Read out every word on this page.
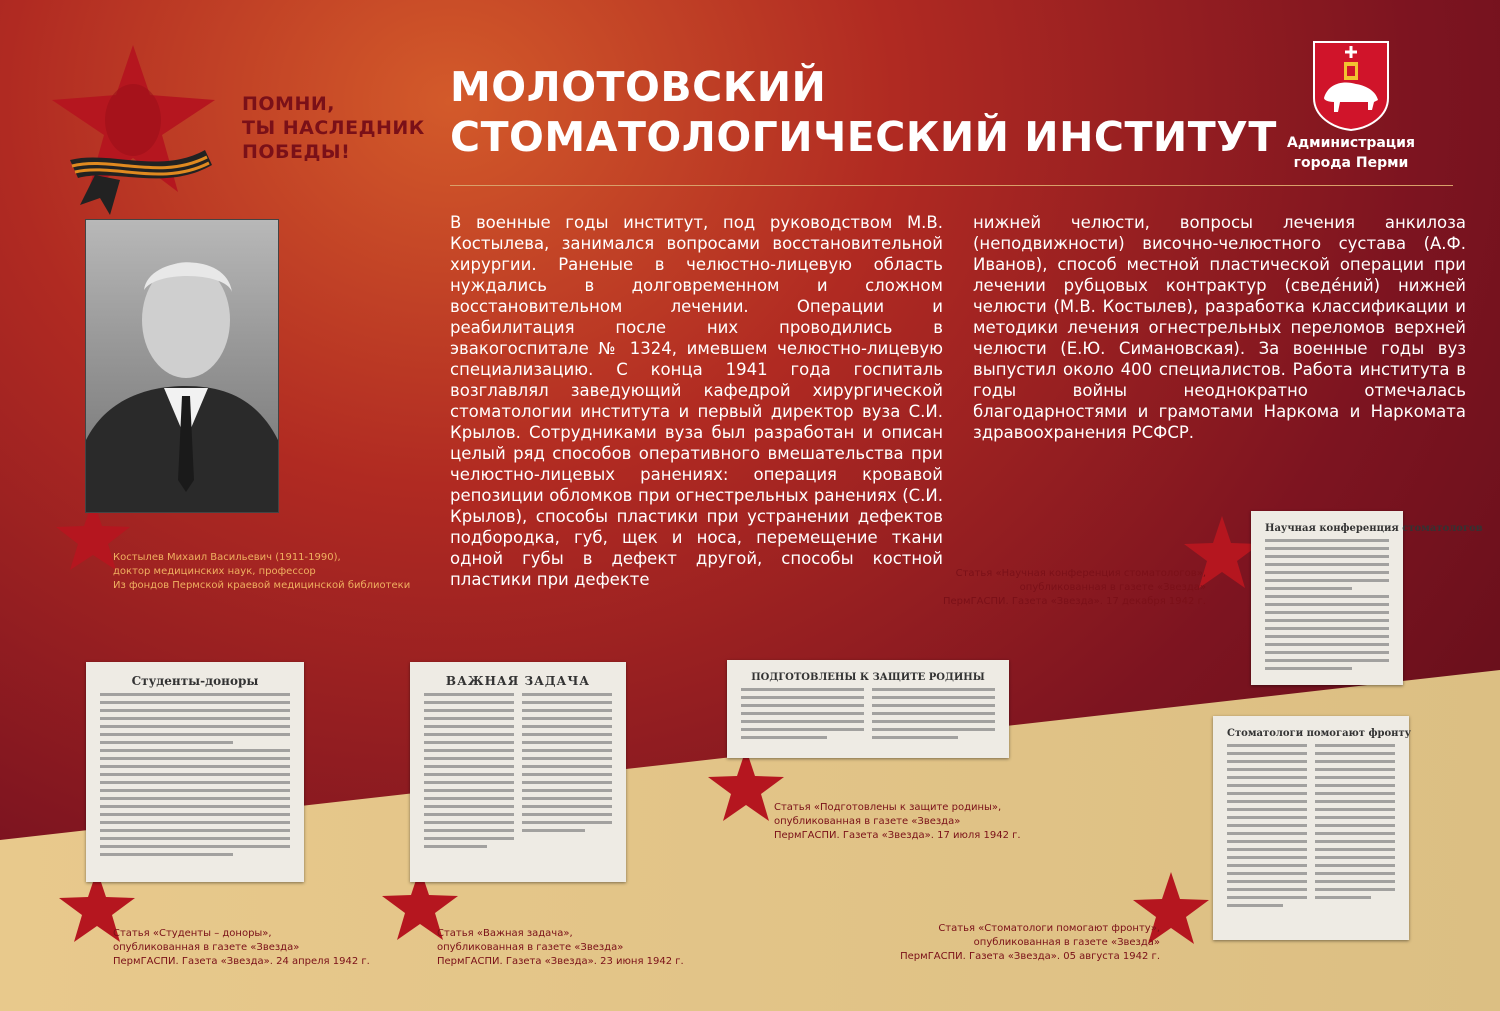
ПОМНИ,
ТЫ НАСЛЕДНИК
ПОБЕДЫ!
МОЛОТОВСКИЙ
СТОМАТОЛОГИЧЕСКИЙ ИНСТИТУТ Администрация
города Перми
Костылев Михаил Васильевич (1911-1990),
доктор медицинских наук, профессор
Из фондов Пермской краевой медицинской библиотеки
В военные годы институт, под руководством М.В. Костылева, занимался вопросами восстановительной хирургии. Раненые в челюстно-лицевую область нуждались в долговременном и сложном восстановительном лечении. Операции и реабилитация после них проводились в эвакогоспитале № 1324, имевшем челюстно-лицевую специализацию. С конца 1941 года госпиталь возглавлял заведующий кафедрой хирургической стоматологии института и первый директор вуза С.И. Крылов. Сотрудниками вуза был разработан и описан целый ряд способов оперативного вмешательства при челюстно-лицевых ранениях: операция кровавой репозиции обломков при огнестрельных ранениях (С.И. Крылов), способы пластики при устранении дефектов подбородка, губ, щек и носа, перемещение ткани одной губы в дефект другой, способы костной пластики при дефекте
нижней челюсти, вопросы лечения анкилоза (неподвижности) височно-челюстного сустава (А.Ф. Иванов), способ местной пластической операции при лечении рубцовых контрактур (сведéний) нижней челюсти (М.В. Костылев), разработка классификации и методики лечения огнестрельных переломов верхней челюсти (Е.Ю. Симановская). За военные годы вуз выпустил около 400 специалистов. Работа института в годы войны неоднократно отмечалась благодарностями и грамотами Наркома и Наркомата здравоохранения РСФСР.
Научная конференция стоматологов
Статья «Научная конференция стоматологов»,
опубликованная в газете «Звезда»
ПермГАСПИ. Газета «Звезда». 17 декабря 1942 г.
Студенты-доноры
Статья «Студенты – доноры»,
опубликованная в газете «Звезда»
ПермГАСПИ. Газета «Звезда». 24 апреля 1942 г.
ВАЖНАЯ ЗАДАЧА
Статья «Важная задача»,
опубликованная в газете «Звезда»
ПермГАСПИ. Газета «Звезда». 23 июня 1942 г.
ПОДГОТОВЛЕНЫ К ЗАЩИТЕ РОДИНЫ
Статья «Подготовлены к защите родины»,
опубликованная в газете «Звезда»
ПермГАСПИ. Газета «Звезда». 17 июля 1942 г.
Стоматологи помогают фронту
Статья «Стоматологи помогают фронту»,
опубликованная в газете «Звезда»
ПермГАСПИ. Газета «Звезда». 05 августа 1942 г.
